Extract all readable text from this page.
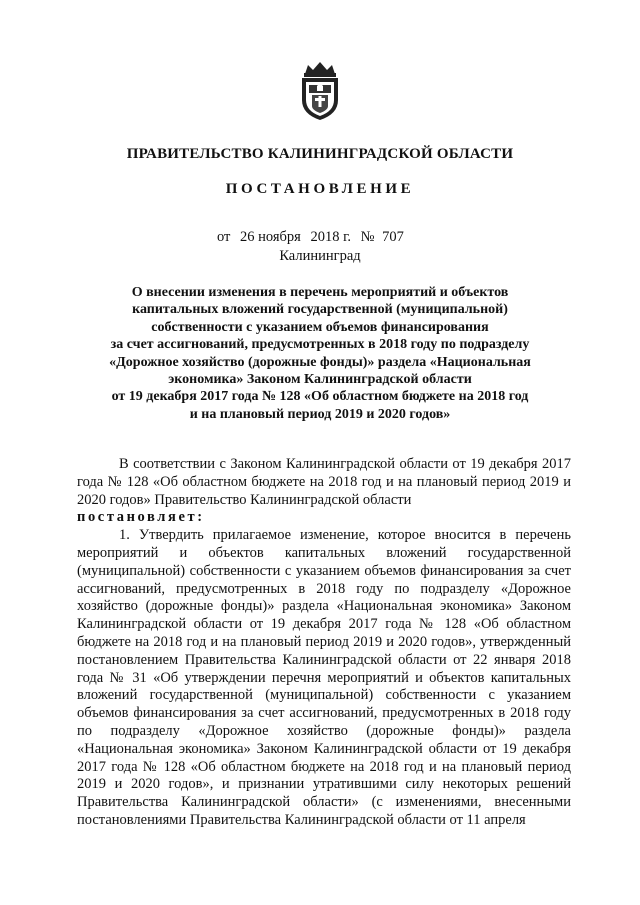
ПРАВИТЕЛЬСТВО КАЛИНИНГРАДСКОЙ ОБЛАСТИ
ПОСТАНОВЛЕНИЕ
от 26 ноября 2018 г. № 707
Калининград
О внесении изменения в перечень мероприятий и объектов
капитальных вложений государственной (муниципальной)
собственности с указанием объемов финансирования
за счет ассигнований, предусмотренных в 2018 году по подразделу
«Дорожное хозяйство (дорожные фонды)» раздела «Национальная
экономика» Законом Калининградской области
от 19 декабря 2017 года № 128 «Об областном бюджете на 2018 год
и на плановый период 2019 и 2020 годов»

В соответствии с Законом Калининградской области от 19 декабря 2017 года № 128 «Об областном бюджете на 2018 год и на плановый период 2019 и 2020 годов» Правительство Калининградской области

постановляет:

1. Утвердить прилагаемое изменение, которое вносится в перечень мероприятий и объектов капитальных вложений государственной (муниципальной) собственности с указанием объемов финансирования за счет ассигнований, предусмотренных в 2018 году по подразделу «Дорожное хозяйство (дорожные фонды)» раздела «Национальная экономика» Законом Калининградской области от 19 декабря 2017 года № 128 «Об областном бюджете на 2018 год и на плановый период 2019 и 2020 годов», утвержденный постановлением Правительства Калининградской области от 22 января 2018 года № 31 «Об утверждении перечня мероприятий и объектов капитальных вложений государственной (муниципальной) собственности с указанием объемов финансирования за счет ассигнований, предусмотренных в 2018 году по подразделу «Дорожное хозяйство (дорожные фонды)» раздела «Национальная экономика» Законом Калининградской области от 19 декабря 2017 года № 128 «Об областном бюджете на 2018 год и на плановый период 2019 и 2020 годов», и признании утратившими силу некоторых решений Правительства Калининградской области» (с изменениями, внесенными постановлениями Правительства Калининградской области от 11 апреля
